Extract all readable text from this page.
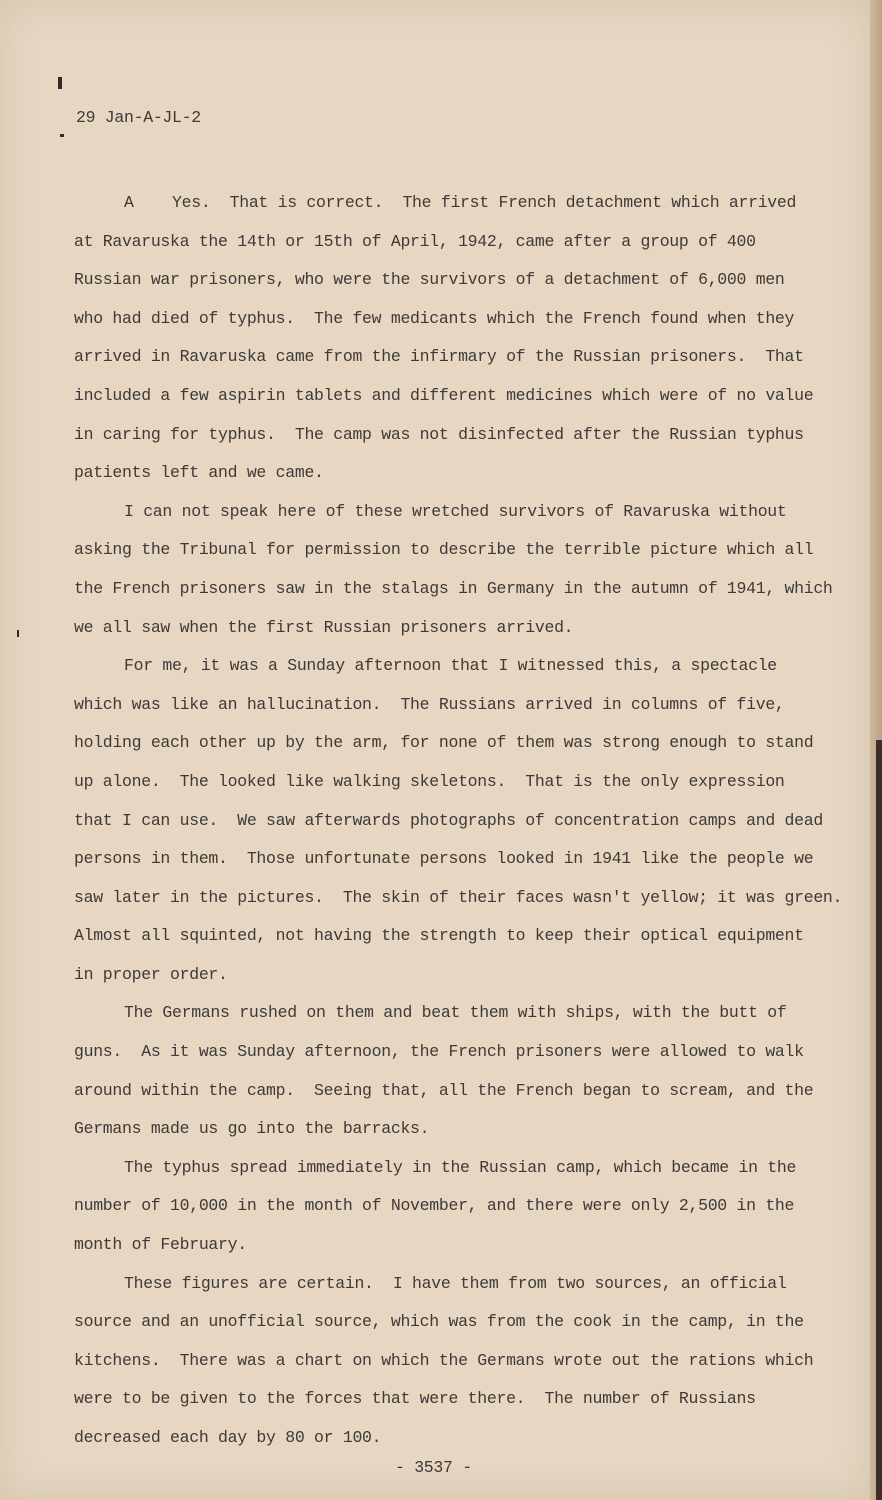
29 Jan-A-JL-2
A    Yes.  That is correct.  The first French detachment which arrived
at Ravaruska the 14th or 15th of April, 1942, came after a group of 400
Russian war prisoners, who were the survivors of a detachment of 6,000 men
who had died of typhus.  The few medicants which the French found when they
arrived in Ravaruska came from the infirmary of the Russian prisoners.  That
included a few aspirin tablets and different medicines which were of no value
in caring for typhus.  The camp was not disinfected after the Russian typhus
patients left and we came.
I can not speak here of these wretched survivors of Ravaruska without
asking the Tribunal for permission to describe the terrible picture which all
the French prisoners saw in the stalags in Germany in the autumn of 1941, which
we all saw when the first Russian prisoners arrived.
For me, it was a Sunday afternoon that I witnessed this, a spectacle
which was like an hallucination.  The Russians arrived in columns of five,
holding each other up by the arm, for none of them was strong enough to stand
up alone.  The looked like walking skeletons.  That is the only expression
that I can use.  We saw afterwards photographs of concentration camps and dead
persons in them.  Those unfortunate persons looked in 1941 like the people we
saw later in the pictures.  The skin of their faces wasn't yellow; it was green.
Almost all squinted, not having the strength to keep their optical equipment
in proper order.
The Germans rushed on them and beat them with ships, with the butt of
guns.  As it was Sunday afternoon, the French prisoners were allowed to walk
around within the camp.  Seeing that, all the French began to scream, and the
Germans made us go into the barracks.
The typhus spread immediately in the Russian camp, which became in the
number of 10,000 in the month of November, and there were only 2,500 in the
month of February.
These figures are certain.  I have them from two sources, an official
source and an unofficial source, which was from the cook in the camp, in the
kitchens.  There was a chart on which the Germans wrote out the rations which
were to be given to the forces that were there.  The number of Russians
decreased each day by 80 or 100.
- 3537 -
